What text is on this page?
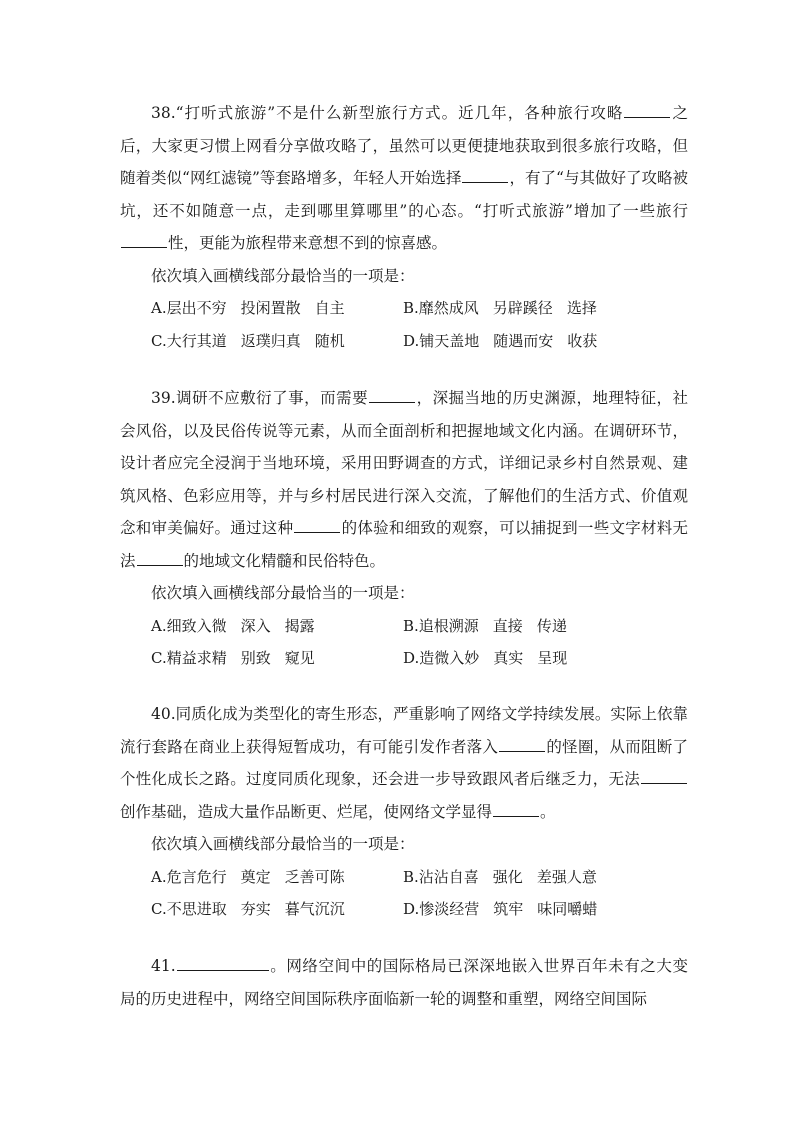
38.“打听式旅游”不是什么新型旅行方式。近几年，各种旅行攻略	之后，大家更习惯上网看分享做攻略了，虽然可以更便捷地获取到很多旅行攻略，但随着类似“网红滤镜”等套路增多，年轻人开始选择	，有了“与其做好了攻略被坑，还不如随意一点，走到哪里算哪里”的心态。“打听式旅游”增加了一些旅行性，更能为旅程带来意想不到的惊喜感。

依次填入画横线部分最恰当的一项是：

A.层出不穷 投闲置散 自主	B.靡然成风 另辟蹊径 选择
C.大行其道 返璞归真 随机	D.铺天盖地 随遇而安 收获

39.调研不应敷衍了事，而需要	，深掘当地的历史渊源，地理特征，社会风俗，以及民俗传说等元素，从而全面剖析和把握地域文化内涵。在调研环节，设计者应完全浸润于当地环境，采用田野调查的方式，详细记录乡村自然景观、建筑风格、色彩应用等，并与乡村居民进行深入交流，了解他们的生活方式、价值观念和审美偏好。通过这种	的体验和细致的观察，可以捕捉到一些文字材料无法	的地域文化精髓和民俗特色。

依次填入画横线部分最恰当的一项是：

A.细致入微 深入 揭露	B.追根溯源 直接 传递
C.精益求精 别致 窥见	D.造微入妙 真实 呈现

40.同质化成为类型化的寄生形态，严重影响了网络文学持续发展。实际上依靠流行套路在商业上获得短暂成功，有可能引发作者落入	的怪圈，从而阻断了个性化成长之路。过度同质化现象，还会进一步导致跟风者后继乏力，无法创作基础，造成大量作品断更、烂尾，使网络文学显得	。

依次填入画横线部分最恰当的一项是：

A.危言危行 奠定 乏善可陈	B.沾沾自喜 强化 差强人意
C.不思进取 夯实 暮气沉沉	D.惨淡经营 筑牢 味同嚼蜡

41.	。网络空间中的国际格局已深深地嵌入世界百年未有之大变局的历史进程中，网络空间国际秩序面临新一轮的调整和重塑，网络空间国际
